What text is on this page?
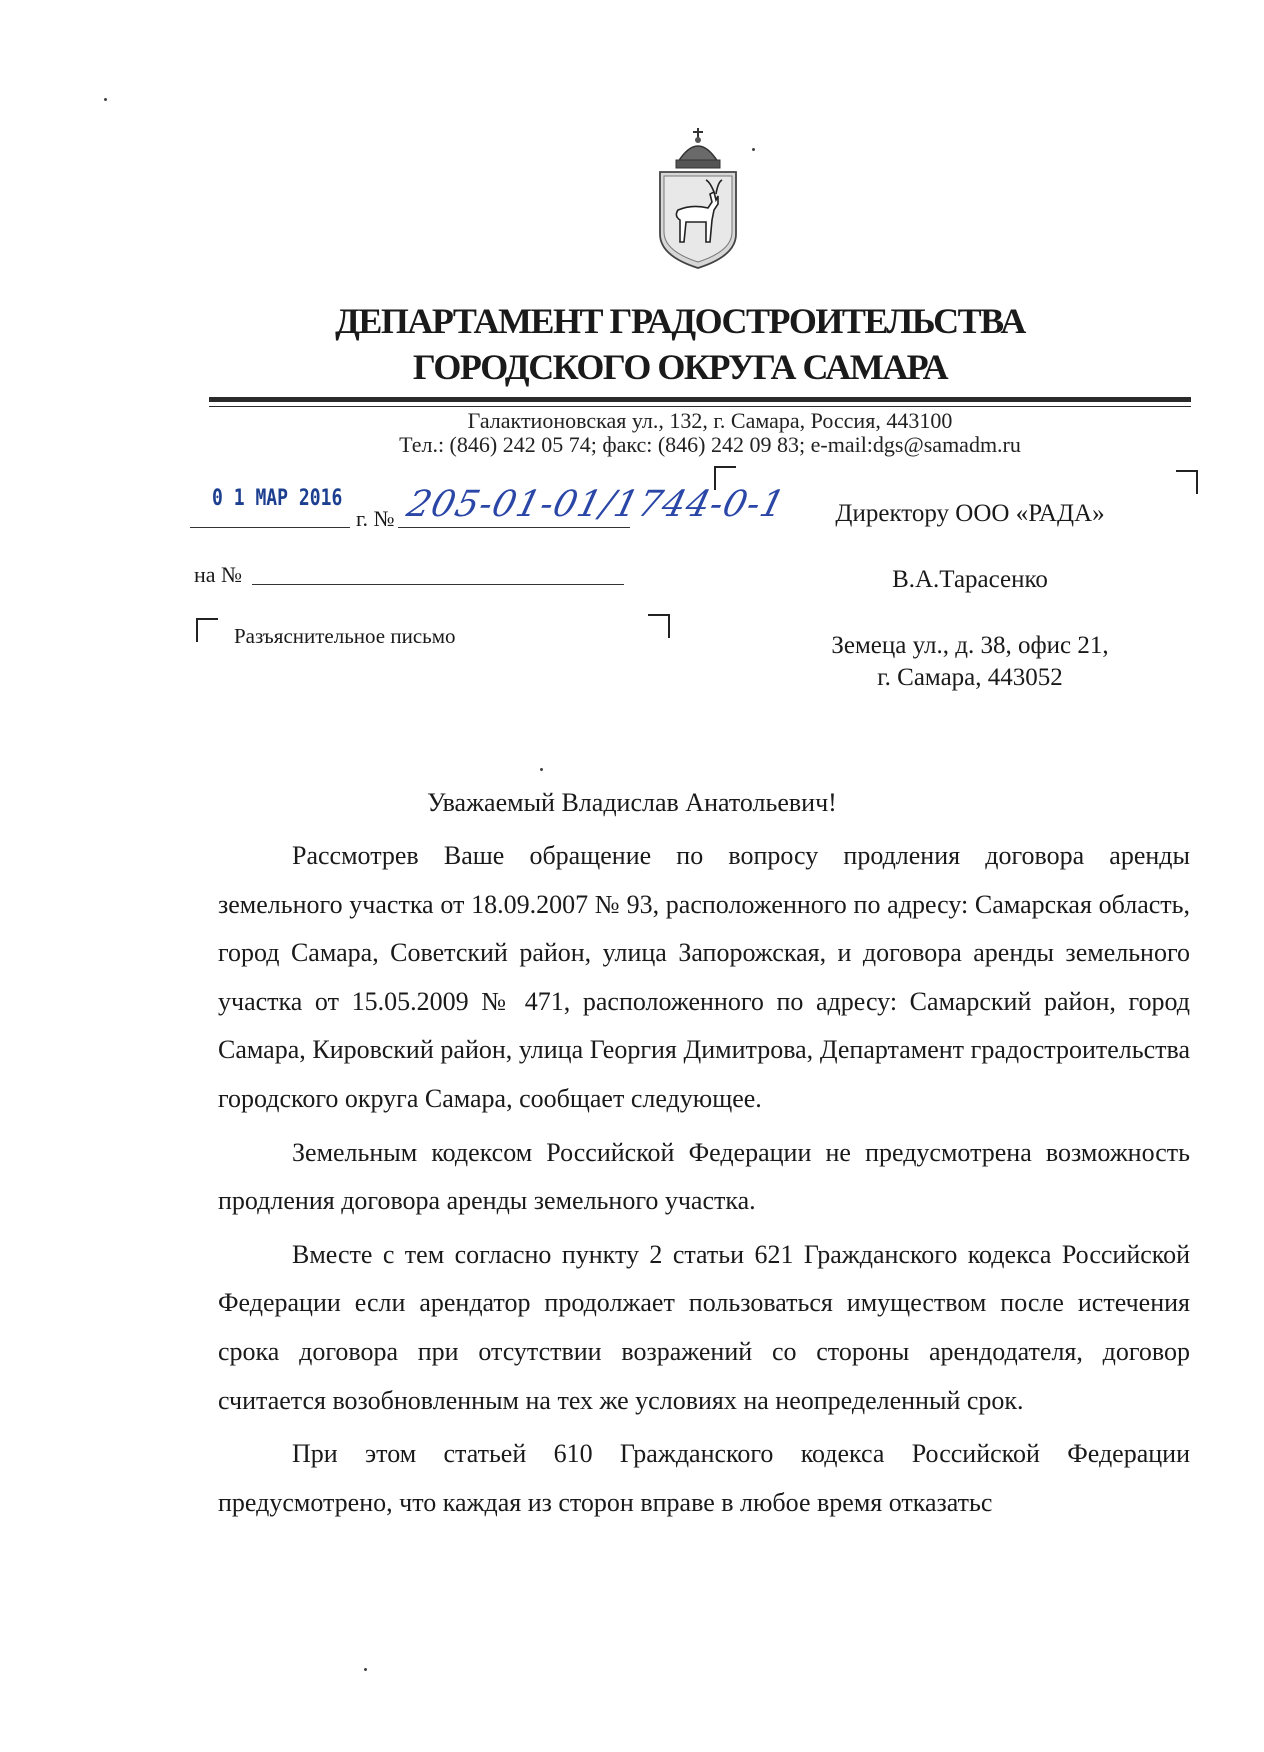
ДЕПАРТАМЕНТ ГРАДОСТРОИТЕЛЬСТВА
ГОРОДСКОГО ОКРУГА САМАРА
Галактионовская ул., 132, г. Самара, Россия, 443100
Тел.: (846) 242 05 74; факс: (846) 242 09 83; e-mail:dgs@samadm.ru
0 1 МАР 2016
г. № 205-01-01/1744-0-1
на №
Разъяснительное письмо
Директору ООО «РАДА»
В.А.Тарасенко
Земеца ул., д. 38, офис 21,
г. Самара, 443052
Уважаемый Владислав Анатольевич!

Рассмотрев Ваше обращение по вопросу продления договора аренды земельного участка от 18.09.2007 № 93, расположенного по адресу: Самарская область, город Самара, Советский район, улица Запорожская, и договора аренды земельного участка от 15.05.2009 № 471, расположенного по адресу: Самарский район, город Самара, Кировский район, улица Георгия Димитрова, Департамент градостроительства городского округа Самара, сообщает следующее.

Земельным кодексом Российской Федерации не предусмотрена возможность продления договора аренды земельного участка.

Вместе с тем согласно пункту 2 статьи 621 Гражданского кодекса Российской Федерации если арендатор продолжает пользоваться имуществом после истечения срока договора при отсутствии возражений со стороны арендодателя, договор считается возобновленным на тех же условиях на неопределенный срок.

При этом статьей 610 Гражданского кодекса Российской Федерации предусмотрено, что каждая из сторон вправе в любое время отказатьс
